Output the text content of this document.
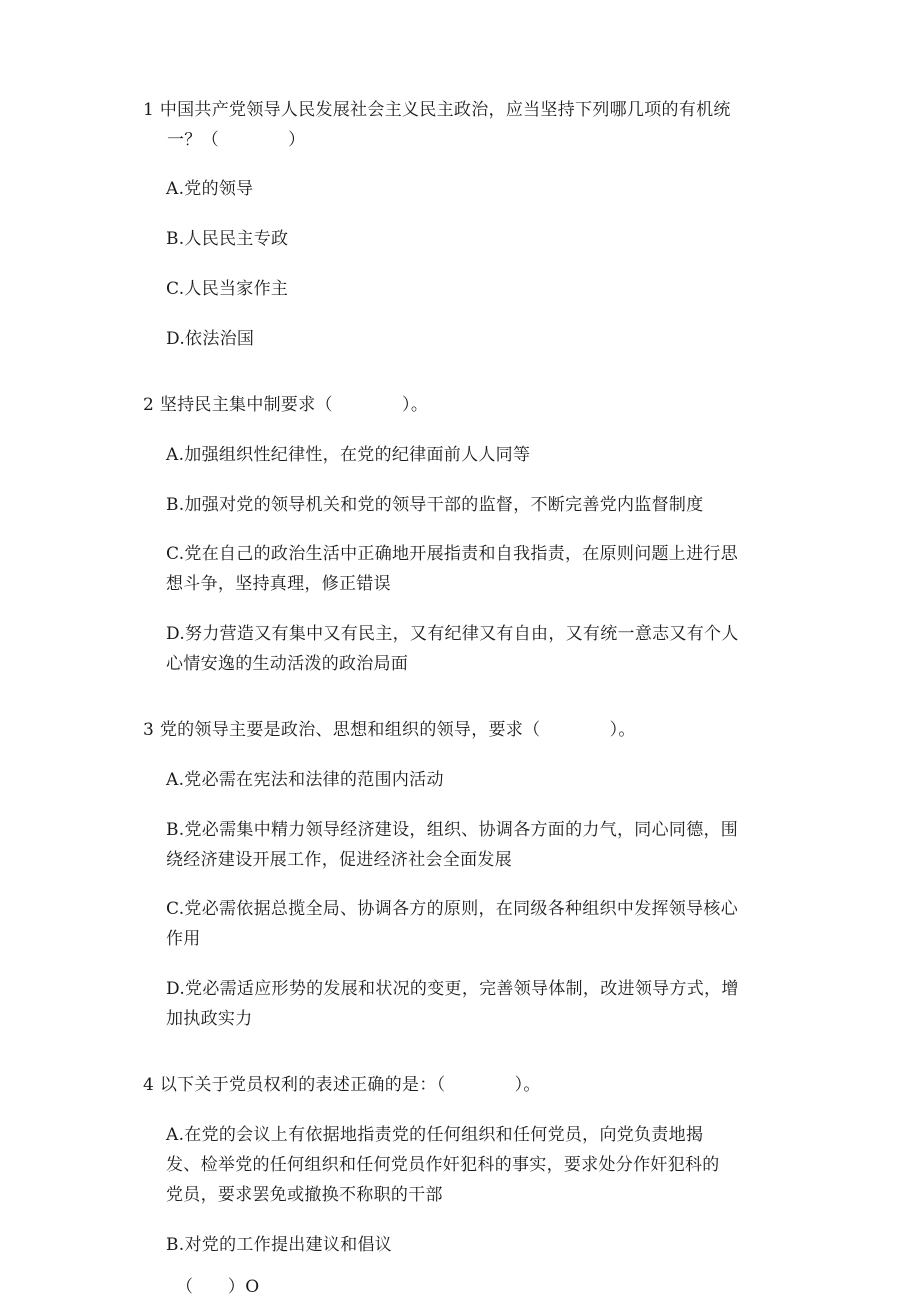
1 中国共产党领导人民发展社会主义民主政治，应当坚持下列哪几项的有机统
一？（　　　　）
A.党的领导
B.人民民主专政
C.人民当家作主
D.依法治国
2 坚持民主集中制要求（　　　　）。
A.加强组织性纪律性，在党的纪律面前人人同等
B.加强对党的领导机关和党的领导干部的监督，不断完善党内监督制度
C.党在自己的政治生活中正确地开展指责和自我指责，在原则问题上进行思
想斗争，坚持真理，修正错误
D.努力营造又有集中又有民主，又有纪律又有自由，又有统一意志又有个人
心情安逸的生动活泼的政治局面
3 党的领导主要是政治、思想和组织的领导，要求（　　　　）。
A.党必需在宪法和法律的范围内活动
B.党必需集中精力领导经济建设，组织、协调各方面的力气，同心同德，围
绕经济建设开展工作，促进经济社会全面发展
C.党必需依据总揽全局、协调各方的原则，在同级各种组织中发挥领导核心
作用
D.党必需适应形势的发展和状况的变更，完善领导体制，改进领导方式，增
加执政实力
4 以下关于党员权利的表述正确的是：（　　　　）。
A.在党的会议上有依据地指责党的任何组织和任何党员，向党负责地揭
发、检举党的任何组织和任何党员作奸犯科的事实，要求处分作奸犯科的
党员，要求罢免或撤换不称职的干部
B.对党的工作提出建议和倡议
（　　）O
